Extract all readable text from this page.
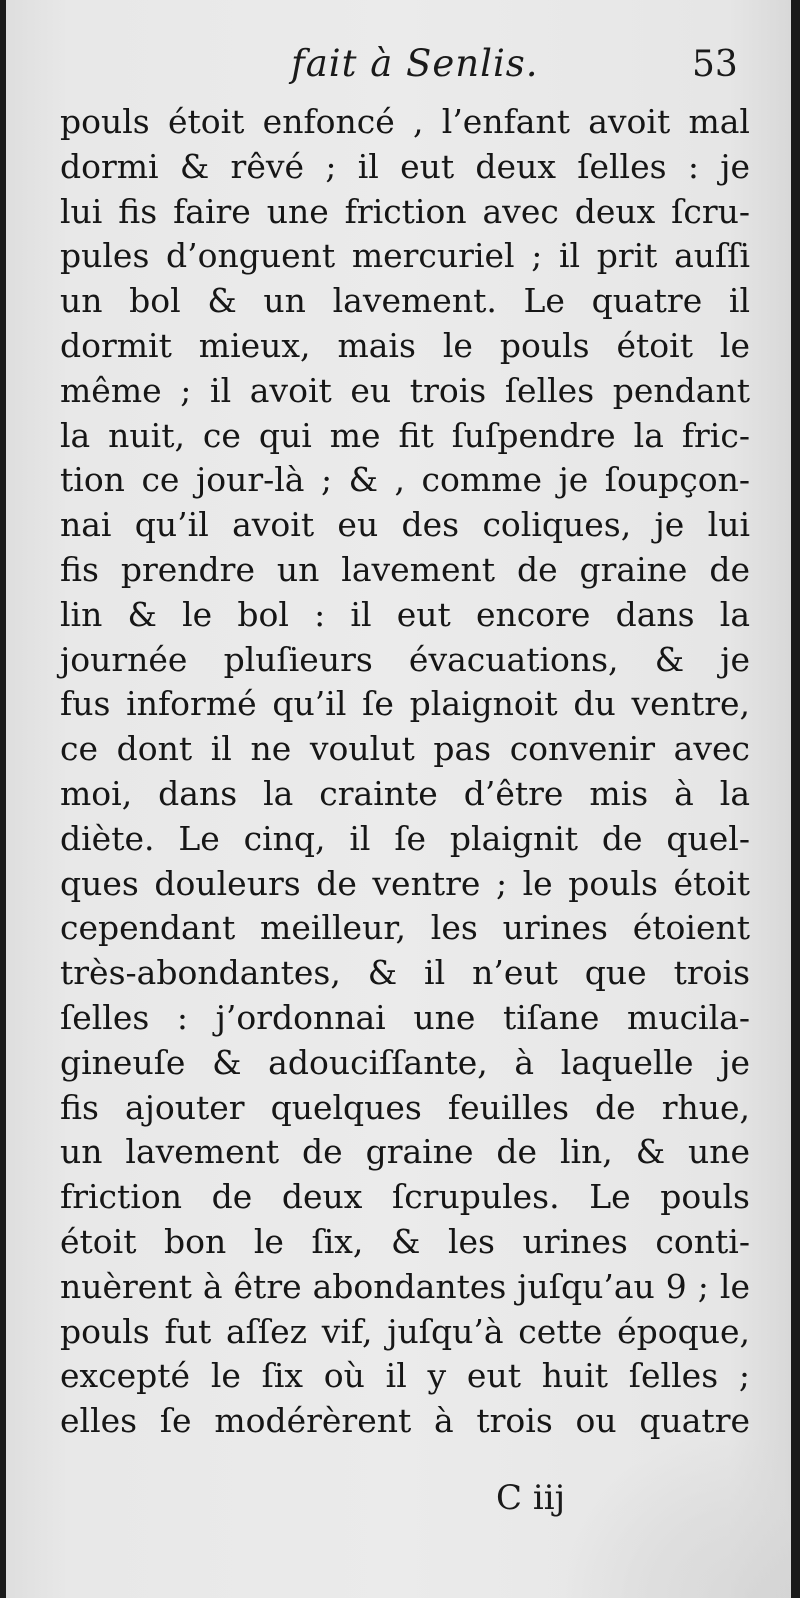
fait à Senlis.	53
pouls étoit enfoncé , l’enfant avoit mal
dormi & rêvé ; il eut deux ſelles : je
lui fis faire une friction avec deux ſcru-
pules d’onguent mercuriel ; il prit auſſi
un bol & un lavement. Le quatre il
dormit mieux, mais le pouls étoit le
même ; il avoit eu trois ſelles pendant
la nuit, ce qui me fit ſuſpendre la fric-
tion ce jour-là ; & , comme je ſoupçon-
nai qu’il avoit eu des coliques, je lui
fis prendre un lavement de graine de
lin & le bol : il eut encore dans la
journée pluſieurs évacuations, & je
fus informé qu’il ſe plaignoit du ventre,
ce dont il ne voulut pas convenir avec
moi, dans la crainte d’être mis à la
diète. Le cinq, il ſe plaignit de quel-
ques douleurs de ventre ; le pouls étoit
cependant meilleur, les urines étoient
très-abondantes, & il n’eut que trois
ſelles : j’ordonnai une tiſane mucila-
gineuſe & adouciſſante, à laquelle je
fis ajouter quelques feuilles de rhue,
un lavement de graine de lin, & une
friction de deux ſcrupules. Le pouls
étoit bon le ſix, & les urines conti-
nuèrent à être abondantes juſqu’au 9 ; le
pouls fut aſſez vif, juſqu’à cette époque,
excepté le ſix où il y eut huit ſelles ;
elles ſe modérèrent à trois ou quatre
C iij
